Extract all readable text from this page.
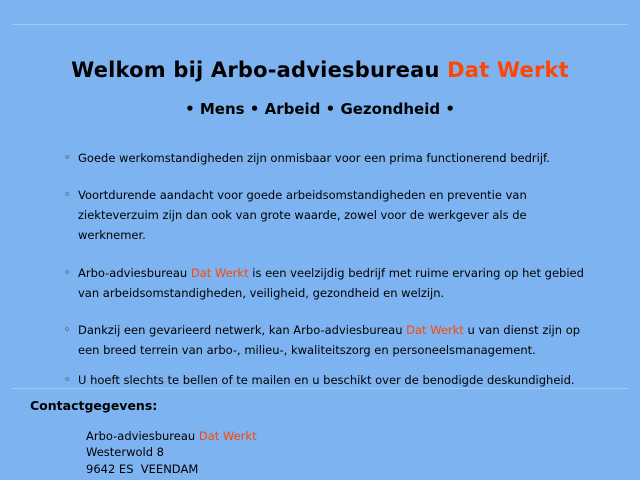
Welkom bij Arbo-adviesbureau Dat Werkt

• Mens • Arbeid • Gezondheid •

◦ Goede werkomstandigheden zijn onmisbaar voor een prima functionerend bedrijf.
◦ Voortdurende aandacht voor goede arbeidsomstandigheden en preventie van ziekteverzuim zijn dan ook van grote waarde, zowel voor de werkgever als de werknemer.
◦ Arbo-adviesbureau Dat Werkt is een veelzijdig bedrijf met ruime ervaring op het gebied van arbeidsomstandigheden, veiligheid, gezondheid en welzijn.
◦ Dankzij een gevarieerd netwerk, kan Arbo-adviesbureau Dat Werkt u van dienst zijn op een breed terrein van arbo-, milieu-, kwaliteitszorg en personeelsmanagement.
◦ U hoeft slechts te bellen of te mailen en u beschikt over de benodigde deskundigheid.
Contactgegevens:
Arbo-adviesbureau Dat Werkt
Westerwold 8
9642 ES  VEENDAM
